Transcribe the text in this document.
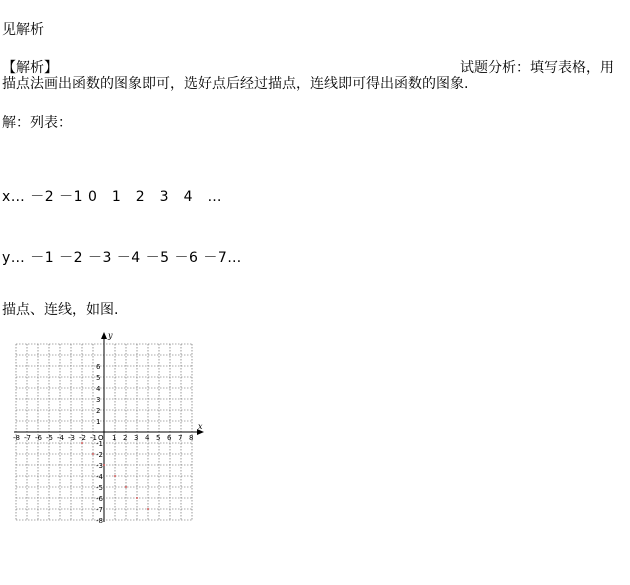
见解析
【解析】	试题分析：填写表格，用
描点法画出函数的图象即可，选好点后经过描点，连线即可得出函数的图象.
解：列表：
x… －2 －1 0　1　2　3　4　…
y… －1 －2 －3 －4 －5 －6 －7…
描点、连线，如图.
x
y
O
-8 -7 -6 -5 -4 -3 -2 -1 1 2 3 4 5 6 7 8
6
5
4
3
2
1
-1
-2
-3
-4
-5
-6
-7
-8
